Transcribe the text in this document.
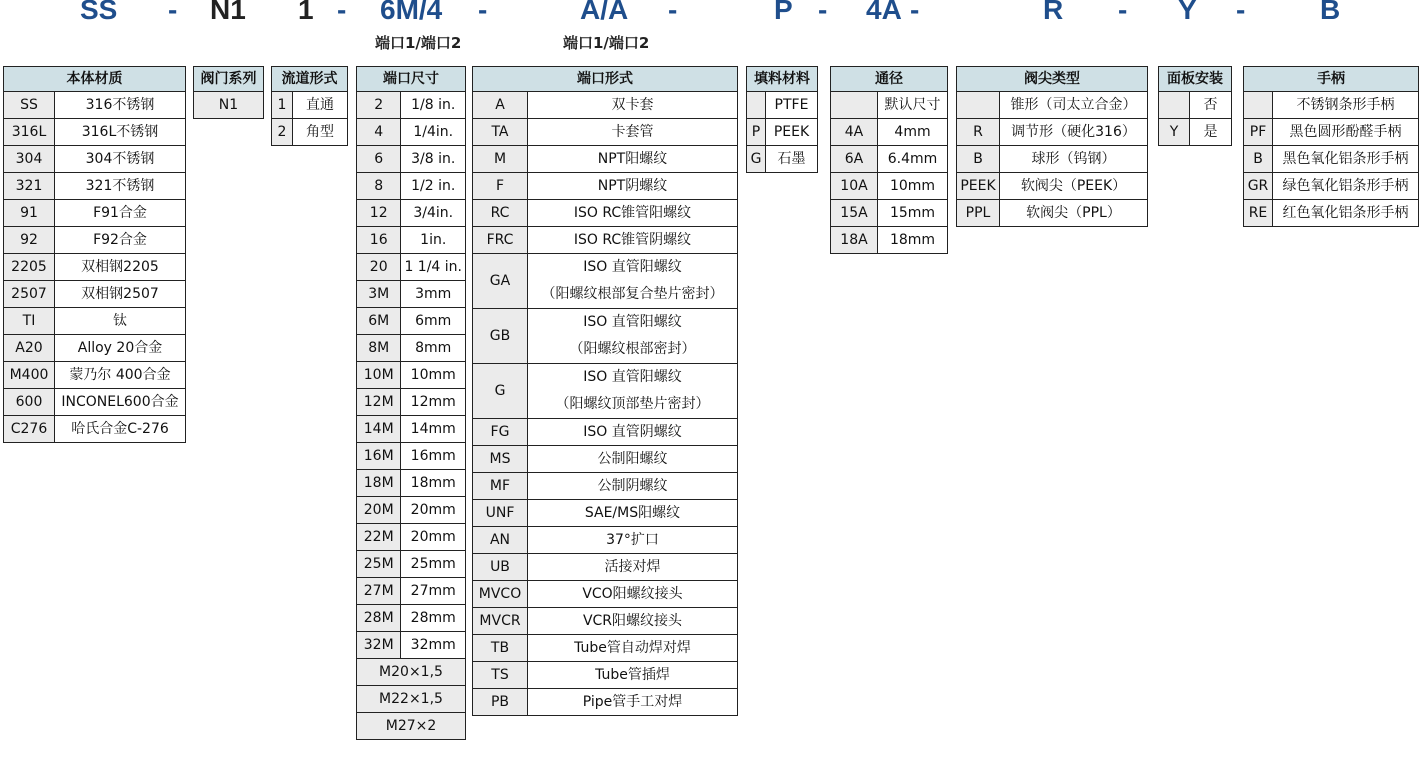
SS - N1 1 - 6M/4 -	A/A -	P - 4A -	R - Y -	B
端口1/端口2	端口1/端口2
本体材质	
SS	316不锈钢
316L	316L不锈钢
304	304不锈钢
321	321不锈钢
91	F91合金
92	F92合金
2205	双相钢2205
2507	双相钢2507
TI	钛
A20	Alloy 20合金
M400	蒙乃尔 400合金
600	INCONEL600合金
C276	哈氏合金C-276
阀门系列
N1
流道形式	
1	直通
2	角型
端口尺寸	
2	1/8 in.
4	1/4in.
6	3/8 in.
8	1/2 in.
12	3/4in.
16	1in.
20	1 1/4 in.
3M	3mm
6M	6mm
8M	8mm
10M	10mm
12M	12mm
14M	14mm
16M	16mm
18M	18mm
20M	20mm
22M	20mm
25M	25mm
27M	27mm
28M	28mm
32M	32mm
M20×1,5	
M22×1,5	
M27×2	
端口形式	
A	双卡套
TA	卡套管
M	NPT阳螺纹
F	NPT阴螺纹
RC	ISO RC锥管阳螺纹
FRC	ISO RC锥管阴螺纹
GA	ISO 直管阳螺纹
（阳螺纹根部复合垫片密封）

GB	ISO 直管阳螺纹
（阳螺纹根部密封）

G	ISO 直管阳螺纹
（阳螺纹顶部垫片密封）

FG	ISO 直管阴螺纹
MS	公制阳螺纹
MF	公制阴螺纹
UNF	SAE/MS阳螺纹
AN	37°扩口
UB	活接对焊
MVCO	VCO阳螺纹接头
MVCR	VCR阳螺纹接头
TB	Tube管自动焊对焊
TS	Tube管插焊
PB	Pipe管手工对焊
填料材料	
	PTFE
P	PEEK
G	石墨
通径	
	默认尺寸
4A	4mm
6A	6.4mm
10A	10mm
15A	15mm
18A	18mm
阀尖类型	
	锥形（司太立合金）
R	调节形（硬化316）
B	球形（钨钢）
PEEK	软阀尖（PEEK）
PPL	软阀尖（PPL）
面板安装	
	否
Y	是
手柄	
	不锈钢条形手柄
PF	黑色圆形酚醛手柄
B	黑色氧化铝条形手柄
GR	绿色氧化铝条形手柄
RE	红色氧化铝条形手柄
